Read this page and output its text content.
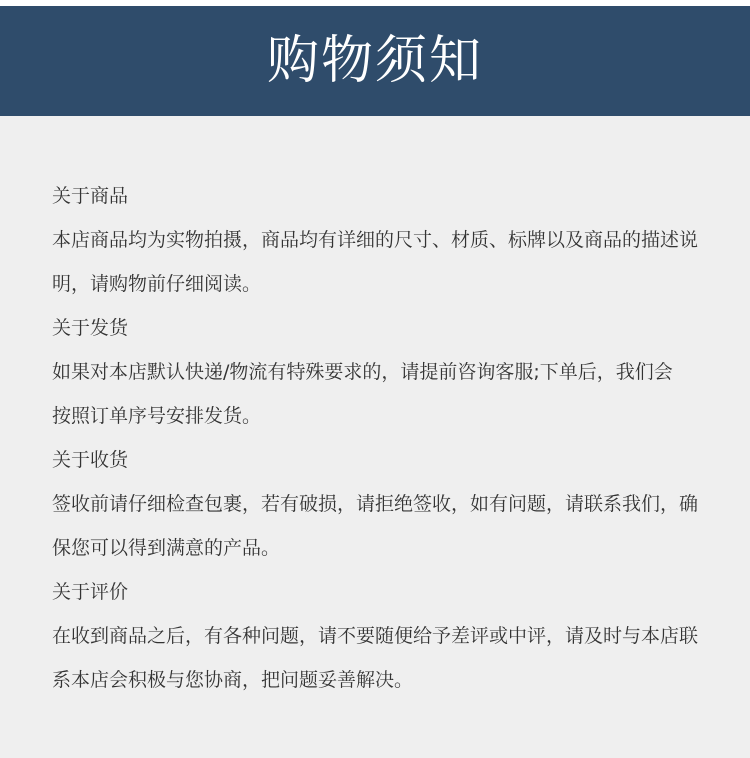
购物须知
关于商品
本店商品均为实物拍摄，商品均有详细的尺寸、材质、标牌以及商品的描述说
明，请购物前仔细阅读。
关于发货
如果对本店默认快递/物流有特殊要求的，请提前咨询客服;下单后，我们会
按照订单序号安排发货。
关于收货
签收前请仔细检查包裹，若有破损，请拒绝签收，如有问题，请联系我们，确
保您可以得到满意的产品。
关于评价
在收到商品之后，有各种问题，请不要随便给予差评或中评，请及时与本店联
系本店会积极与您协商，把问题妥善解决。
